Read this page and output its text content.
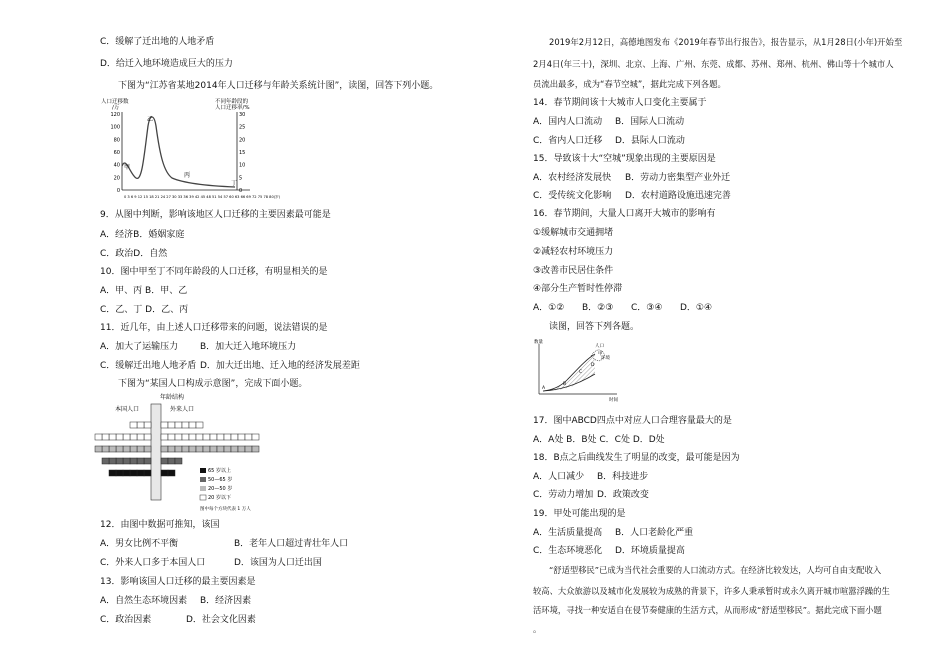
C．缓解了迁出地的人地矛盾
D．给迁入地环境造成巨大的压力
下图为“江苏省某地2014年人口迁移与年龄关系统计图”，读图，回答下列小题。
人口迁移数
/万
不同年龄段的
人口迁移率/%
0
20
40
60
80
100
120
0
5
10
15
20
25
30
甲
乙
丙
丁
0 3 6 9 12 15 18 21 24 27 30 33 36 39 42 45 48 51 54 57 60 63 66 69 72 75 78 80(岁)
9．从图中判断，影响该地区人口迁移的主要因素最可能是
A．经济B．婚姻家庭
C．政治D．自然
10．图中甲至丁不同年龄段的人口迁移，有明显相关的是
A．甲、丙 B．甲、乙
C．乙、丁 D．乙、丙
11．近几年，由上述人口迁移带来的问题，说法错误的是
A．加大了运输压力	B．加大迁入地环境压力
C．缓解迁出地人地矛盾 D．加大迁出地、迁入地的经济发展差距
下图为“某国人口构成示意图”，完成下面小题。
年龄结构
本国人口	外来人口
65 岁以上
50—65 岁
20—50 岁
20 岁以下
图中每个方块代表 1 万人
12．由图中数据可推知，该国
A．男女比例不平衡	B．老年人口超过青壮年人口
C．外来人口多于本国人口	D．该国为人口迁出国
13．影响该国人口迁移的最主要因素是
A．自然生态环境因素	B．经济因素
C．政治因素	D．社会文化因素
2019年2月12日，高德地图发布《2019年春节出行报告》，报告显示，从1月28日(小年)开始至
2月4日(年三十)，深圳、北京、上海、广州、东莞、成都、苏州、郑州、杭州、佛山等十个城市人
员流出最多，成为“春节空城”，据此完成下列各题。
14．春节期间该十大城市人口变化主要属于
A．国内人口流动	B．国际人口流动
C．省内人口迁移	D．县际人口流动
15．导致该十大“空城”现象出现的主要原因是
A．农村经济发展快	B．劳动力密集型产业外迁
C．受传统文化影响	D．农村道路设施迅速完善
16．春节期间，大量人口离开大城市的影响有
①缓解城市交通拥堵
②减轻农村环境压力
③改善市民居住条件
④部分生产暂时性停滞
A．①②	B．②③	C．③④	D．①④
读图，回答下列各题。
数量
时间
人口
环境
A
B
C
D
甲
17．图中ABCD四点中对应人口合理容量最大的是
A．A处 B．B处 C．C处 D．D处
18．B点之后曲线发生了明显的改变，最可能是因为
A．人口减少	B．科技进步
C．劳动力增加 D．政策改变
19．甲处可能出现的是
A．生活质量提高	B．人口老龄化严重
C．生态环境恶化	D．环境质量提高
“舒适型移民”已成为当代社会重要的人口流动方式。在经济比较发达，人均可自由支配收入
较高、大众旅游以及城市化发展较为成熟的背景下，许多人秉承暂时或永久离开城市喧嚣浮躁的生
活环境，寻找一种安适自在侵节奏健康的生活方式，从而形成“舒适型移民”。据此完成下面小题
。
